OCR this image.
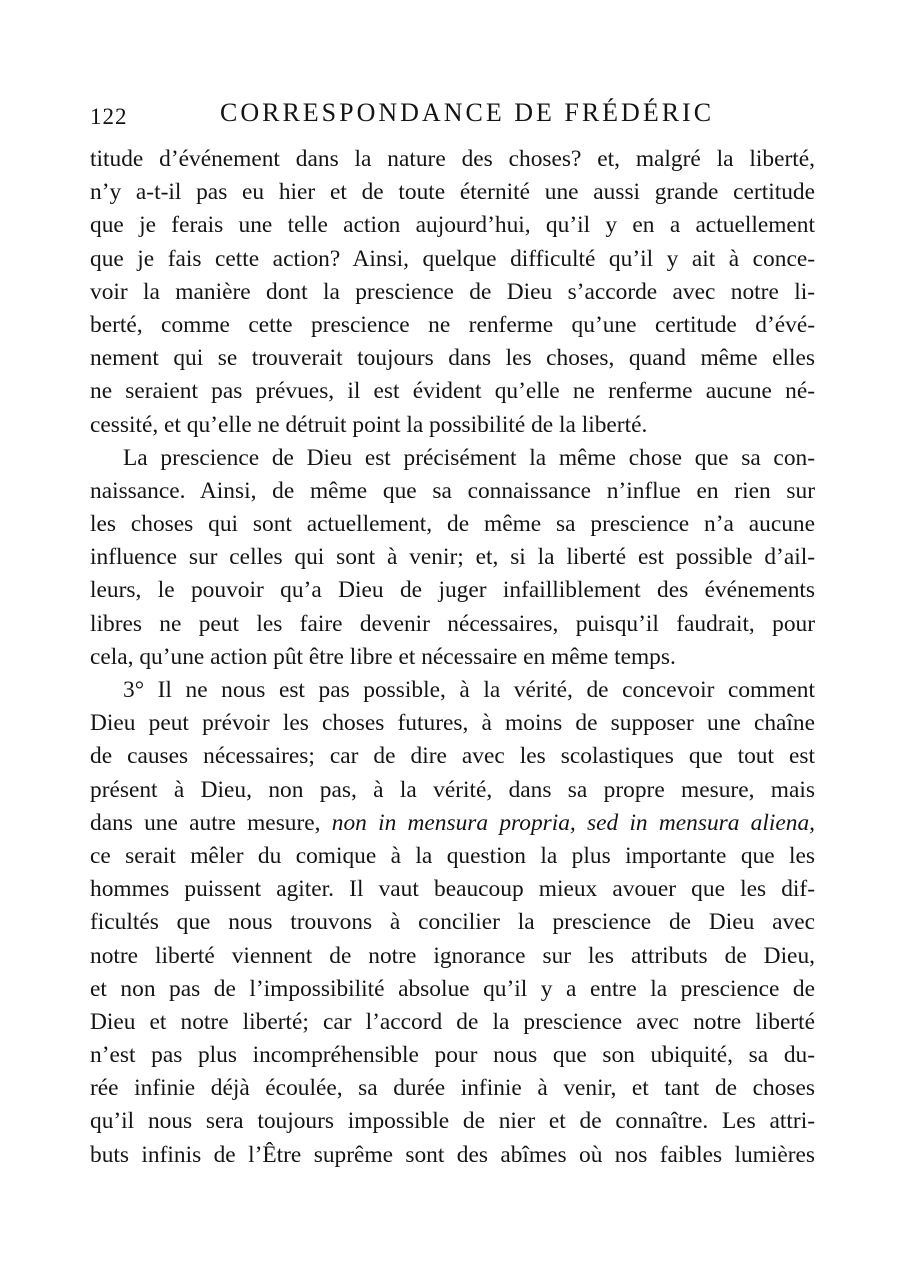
122	CORRESPONDANCE DE FRÉDÉRIC
titude d’événement dans la nature des choses? et, malgré la liberté,
n’y a-t-il pas eu hier et de toute éternité une aussi grande certitude
que je ferais une telle action aujourd’hui, qu’il y en a actuellement
que je fais cette action? Ainsi, quelque difficulté qu’il y ait à conce-
voir la manière dont la prescience de Dieu s’accorde avec notre li-
berté, comme cette prescience ne renferme qu’une certitude d’évé-
nement qui se trouverait toujours dans les choses, quand même elles
ne seraient pas prévues, il est évident qu’elle ne renferme aucune né-
cessité, et qu’elle ne détruit point la possibilité de la liberté.
La prescience de Dieu est précisément la même chose que sa con-
naissance. Ainsi, de même que sa connaissance n’influe en rien sur
les choses qui sont actuellement, de même sa prescience n’a aucune
influence sur celles qui sont à venir; et, si la liberté est possible d’ail-
leurs, le pouvoir qu’a Dieu de juger infailliblement des événements
libres ne peut les faire devenir nécessaires, puisqu’il faudrait, pour
cela, qu’une action pût être libre et nécessaire en même temps.
3° Il ne nous est pas possible, à la vérité, de concevoir comment
Dieu peut prévoir les choses futures, à moins de supposer une chaîne
de causes nécessaires; car de dire avec les scolastiques que tout est
présent à Dieu, non pas, à la vérité, dans sa propre mesure, mais
dans une autre mesure, non in mensura propria, sed in mensura aliena,
ce serait mêler du comique à la question la plus importante que les
hommes puissent agiter. Il vaut beaucoup mieux avouer que les dif-
ficultés que nous trouvons à concilier la prescience de Dieu avec
notre liberté viennent de notre ignorance sur les attributs de Dieu,
et non pas de l’impossibilité absolue qu’il y a entre la prescience de
Dieu et notre liberté; car l’accord de la prescience avec notre liberté
n’est pas plus incompréhensible pour nous que son ubiquité, sa du-
rée infinie déjà écoulée, sa durée infinie à venir, et tant de choses
qu’il nous sera toujours impossible de nier et de connaître. Les attri-
buts infinis de l’Être suprême sont des abîmes où nos faibles lumières
